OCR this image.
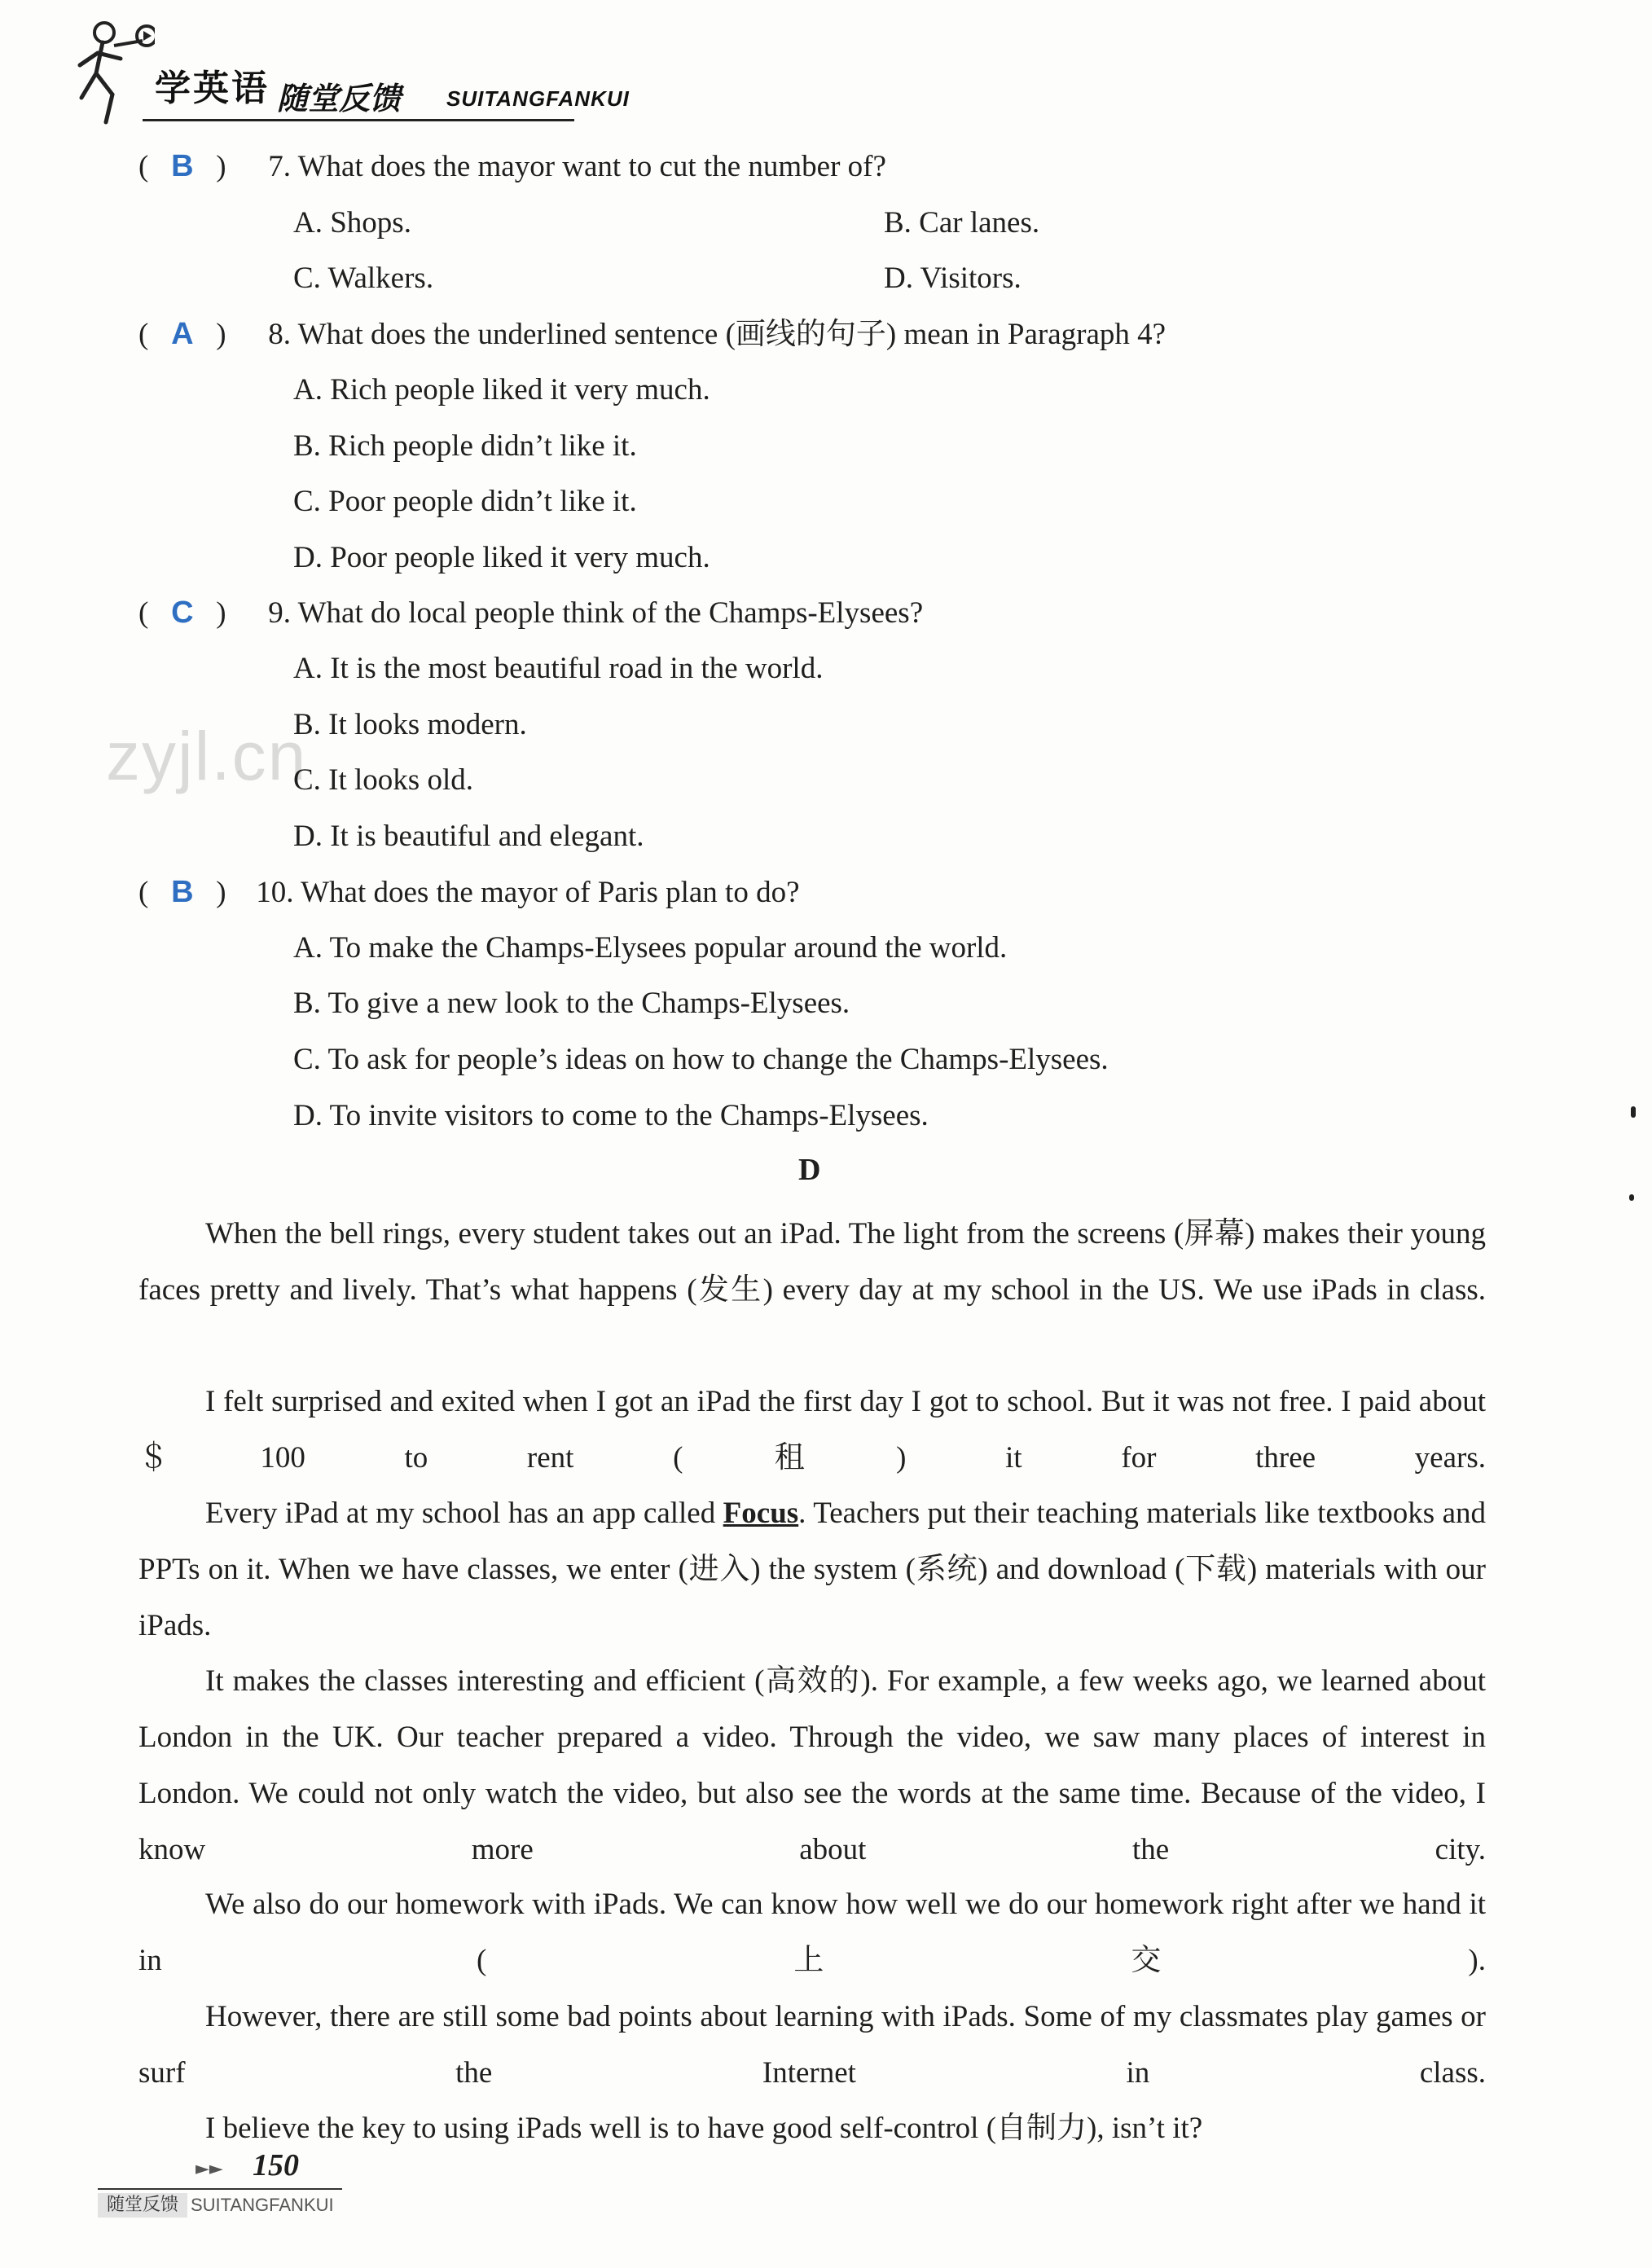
学英语 随堂反馈 SUITANGFANKUI
zyjl.cn
(   B   ) 7. What does the mayor want to cut the number of?
A. Shops.	B. Car lanes.
C. Walkers.	D. Visitors.
(   A   ) 8. What does the underlined sentence (画线的句子) mean in Paragraph 4?
A. Rich people liked it very much.
B. Rich people didn’t like it.
C. Poor people didn’t like it.
D. Poor people liked it very much.
(   C   ) 9. What do local people think of the Champs-Elysees?
A. It is the most beautiful road in the world.
B. It looks modern.
C. It looks old.
D. It is beautiful and elegant.
(   B   ) 10. What does the mayor of Paris plan to do?
A. To make the Champs-Elysees popular around the world.
B. To give a new look to the Champs-Elysees.
C. To ask for people’s ideas on how to change the Champs-Elysees.
D. To invite visitors to come to the Champs-Elysees.
D
When the bell rings, every student takes out an iPad. The light from the screens (屏幕) makes their young faces pretty and lively. That’s what happens (发生) every day at my school in the US. We use iPads in class.
I felt surprised and exited when I got an iPad the first day I got to school. But it was not free. I paid about ＄100 to rent (租) it for three years.
Every iPad at my school has an app called Focus. Teachers put their teaching materials like textbooks and PPTs on it. When we have classes, we enter (进入) the system (系统) and download (下载) materials with our iPads.
It makes the classes interesting and efficient (高效的). For example, a few weeks ago, we learned about London in the UK. Our teacher prepared a video. Through the video, we saw many places of interest in London. We could not only watch the video, but also see the words at the same time. Because of the video, I know more about the city.
We also do our homework with iPads. We can know how well we do our homework right after we hand it in (上交).
However, there are still some bad points about learning with iPads. Some of my classmates play games or surf the Internet in class.
I believe the key to using iPads well is to have good self-control (自制力), isn’t it?
►► 150
随堂反馈 SUITANGFANKUI
